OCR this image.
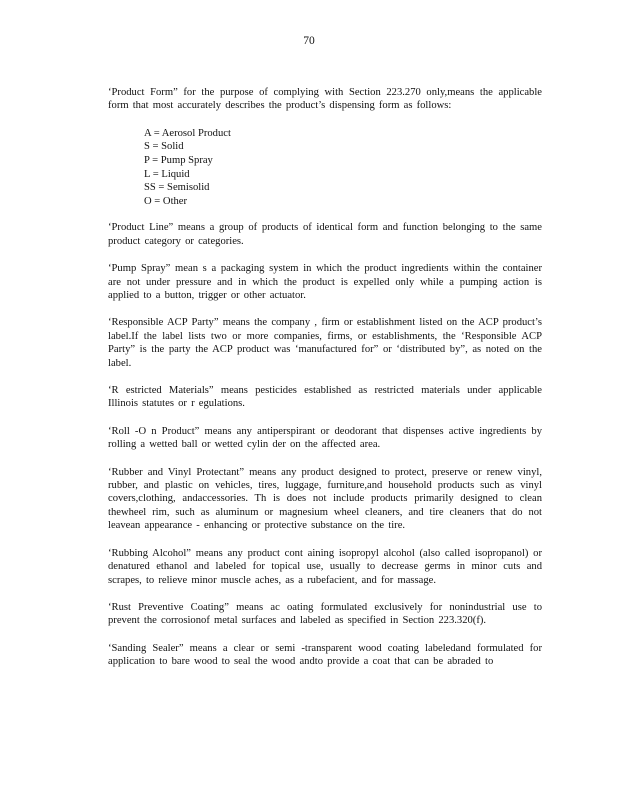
70

‘Product Form” for the purpose of complying with Section 223.270 only,means the applicable form that most accurately describes the product’s dispensing form as follows:

A = Aerosol Product
S = Solid
P = Pump Spray
L = Liquid
SS = Semisolid
O = Other

‘Product Line” means a group of products of identical form and function belonging to the same product category or categories.

‘Pump Spray” mean s a packaging system in which the product ingredients within the container are not under pressure and in which the product is expelled only while a pumping action is applied to a button, trigger or other actuator.

‘Responsible ACP Party” means the company , firm or establishment listed on the ACP product’s label.If the label lists two or more companies, firms, or establishments, the ‘Responsible ACP Party” is the party the ACP product was ‘manufactured for” or ‘distributed by”, as noted on the label.

‘R estricted Materials” means pesticides established as restricted materials under applicable Illinois statutes or r egulations.

‘Roll -O n Product” means any antiperspirant or deodorant that dispenses active ingredients by rolling a wetted ball or wetted cylin der on the affected area.

‘Rubber and Vinyl Protectant” means any product designed to protect, preserve or renew vinyl, rubber, and plastic on vehicles, tires, luggage, furniture,and household products such as vinyl covers,clothing, andaccessories. Th is does not include products primarily designed to clean thewheel rim, such as aluminum or magnesium wheel cleaners, and tire cleaners that do not leavean appearance - enhancing or protective substance on the tire.

‘Rubbing Alcohol” means any product cont aining isopropyl alcohol (also called isopropanol) or denatured ethanol and labeled for topical use, usually to decrease germs in minor cuts and scrapes, to relieve minor muscle aches, as a rubefacient, and for massage.

‘Rust Preventive Coating” means ac oating formulated exclusively for nonindustrial use to prevent the corrosionof metal surfaces and labeled as specified in Section 223.320(f).

‘Sanding Sealer” means a clear or semi -transparent wood coating labeledand formulated for application to bare wood to seal the wood andto provide a coat that can be abraded to
